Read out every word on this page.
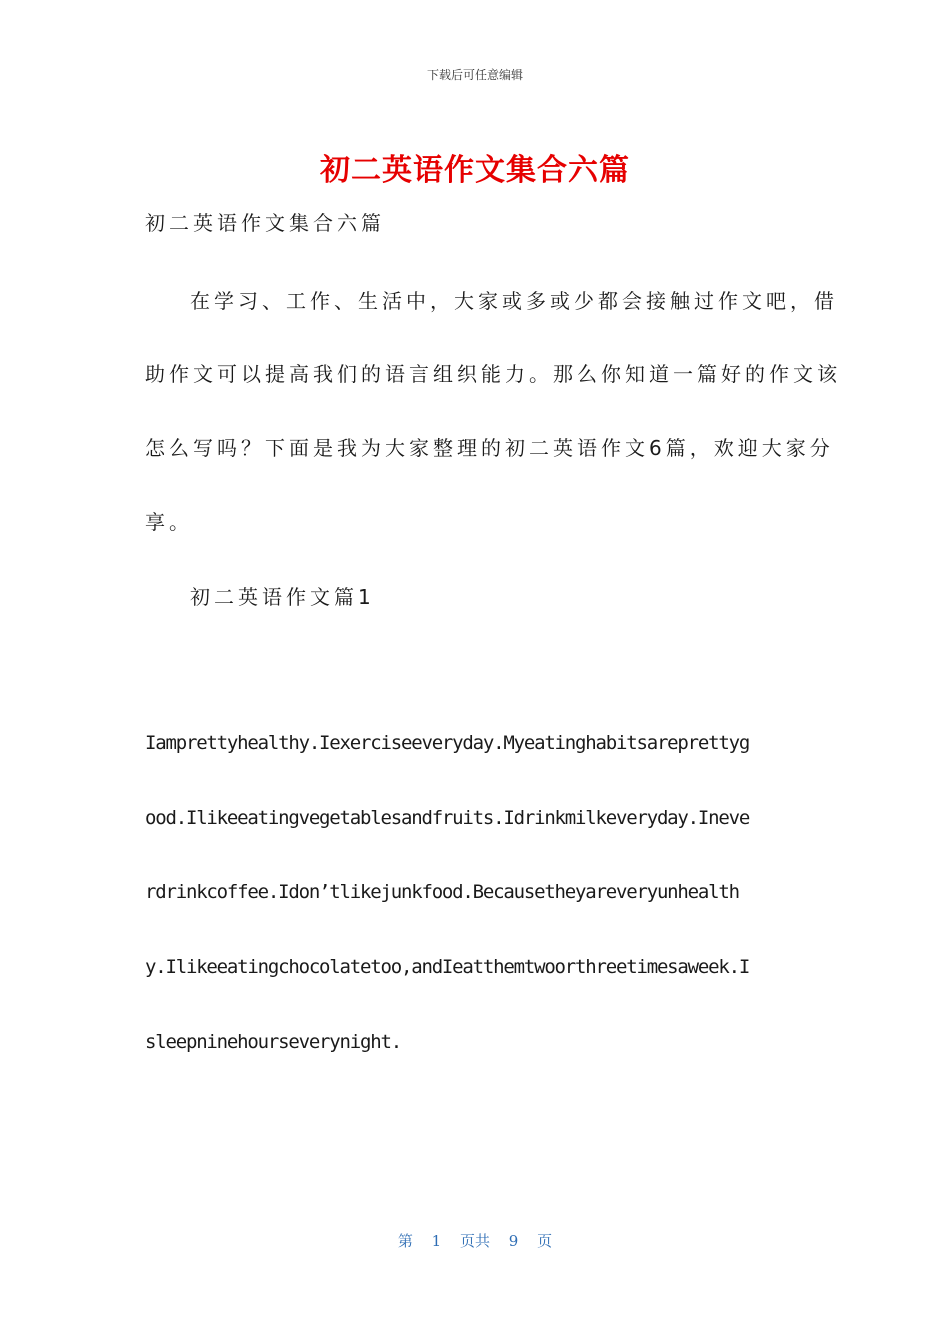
下载后可任意编辑
初二英语作文集合六篇
初二英语作文集合六篇
在学习、工作、生活中，大家或多或少都会接触过作文吧，借
助作文可以提高我们的语言组织能力。那么你知道一篇好的作文该
怎么写吗？下面是我为大家整理的初二英语作文6篇，欢迎大家分
享。
初二英语作文篇1
Iamprettyhealthy.Iexerciseeveryday.Myeatinghabitsareprettyg
ood.Ilikeeatingvegetablesandfruits.Idrinkmilkeveryday.Ineve
rdrinkcoffee.Idon’tlikejunkfood.Becausetheyareveryunhealth
y.Ilikeeatingchocolatetoo,andIeatthemtwoorthreetimesaweek.I
sleepninehourseverynight.
第 1 页共 9 页
